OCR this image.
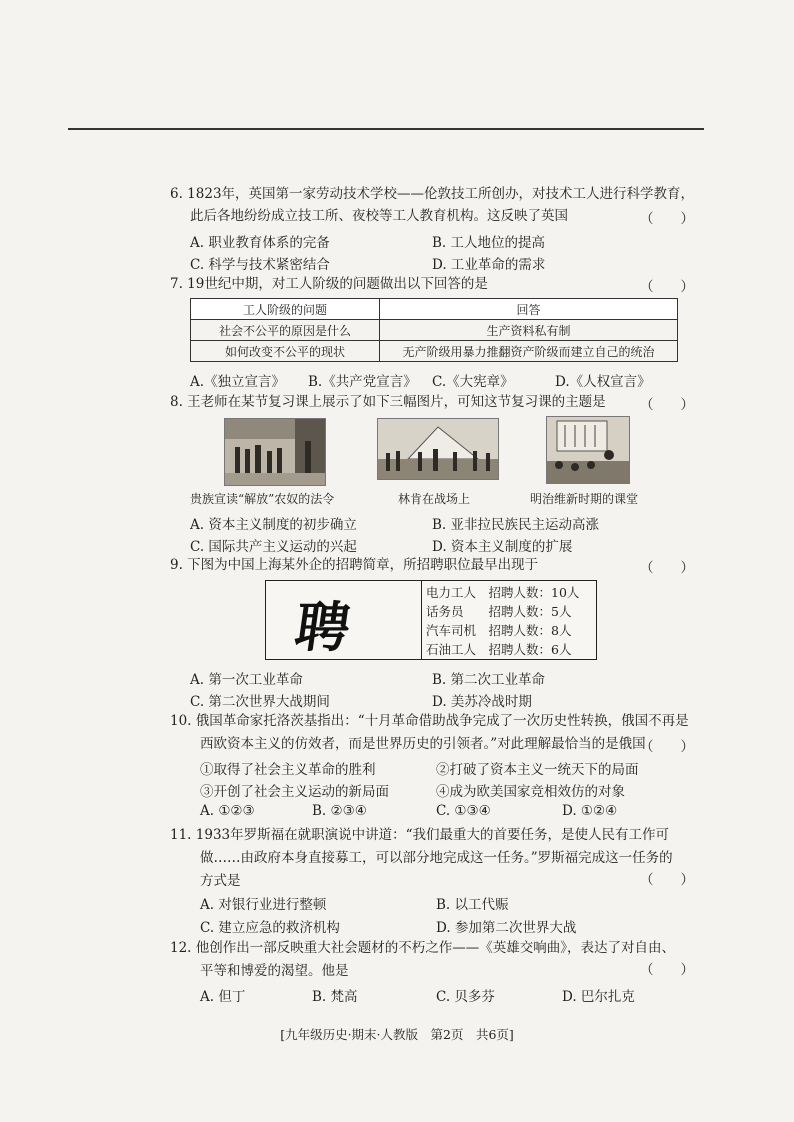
6. 1823年，英国第一家劳动技术学校——伦敦技工所创办，对技术工人进行科学教育，
此后各地纷纷成立技工所、夜校等工人教育机构。这反映了英国	（　　）
A. 职业教育体系的完备	B. 工人地位的提高
C. 科学与技术紧密结合	D. 工业革命的需求
7. 19世纪中期，对工人阶级的问题做出以下回答的是	（　　）
工人阶级的问题	回答
社会不公平的原因是什么	生产资料私有制
如何改变不公平的现状	无产阶级用暴力推翻资产阶级而建立自己的统治
A.《独立宣言》 B.《共产党宣言》 C.《大宪章》	D.《人权宣言》
8. 王老师在某节复习课上展示了如下三幅图片，可知这节复习课的主题是	（　　）
贵族宣读“解放”农奴的法令	林肯在战场上	明治维新时期的课堂
A. 资本主义制度的初步确立	B. 亚非拉民族民主运动高涨
C. 国际共产主义运动的兴起	D. 资本主义制度的扩展
9. 下图为中国上海某外企的招聘简章，所招聘职位最早出现于	（　　）
聘
电力工人　招聘人数：10人
话务员　　招聘人数：5人
汽车司机　招聘人数：8人
石油工人　招聘人数：6人
A. 第一次工业革命	B. 第二次工业革命
C. 第二次世界大战期间	D. 美苏冷战时期
10. 俄国革命家托洛茨基指出：“十月革命借助战争完成了一次历史性转换，俄国不再是
西欧资本主义的仿效者，而是世界历史的引领者。”对此理解最恰当的是俄国
（　　）
①取得了社会主义革命的胜利	②打破了资本主义一统天下的局面
③开创了社会主义运动的新局面	④成为欧美国家竞相效仿的对象
A. ①②③	B. ②③④	C. ①③④	D. ①②④
11. 1933年罗斯福在就职演说中讲道：“我们最重大的首要任务，是使人民有工作可
做……由政府本身直接募工，可以部分地完成这一任务。”罗斯福完成这一任务的
方式是	（　　）
A. 对银行业进行整顿	B. 以工代赈
C. 建立应急的救济机构	D. 参加第二次世界大战
12. 他创作出一部反映重大社会题材的不朽之作——《英雄交响曲》，表达了对自由、
平等和博爱的渴望。他是	（　　）
A. 但丁	B. 梵高	C. 贝多芬	D. 巴尔扎克
[九年级历史·期末·人教版　第2页　共6页]
